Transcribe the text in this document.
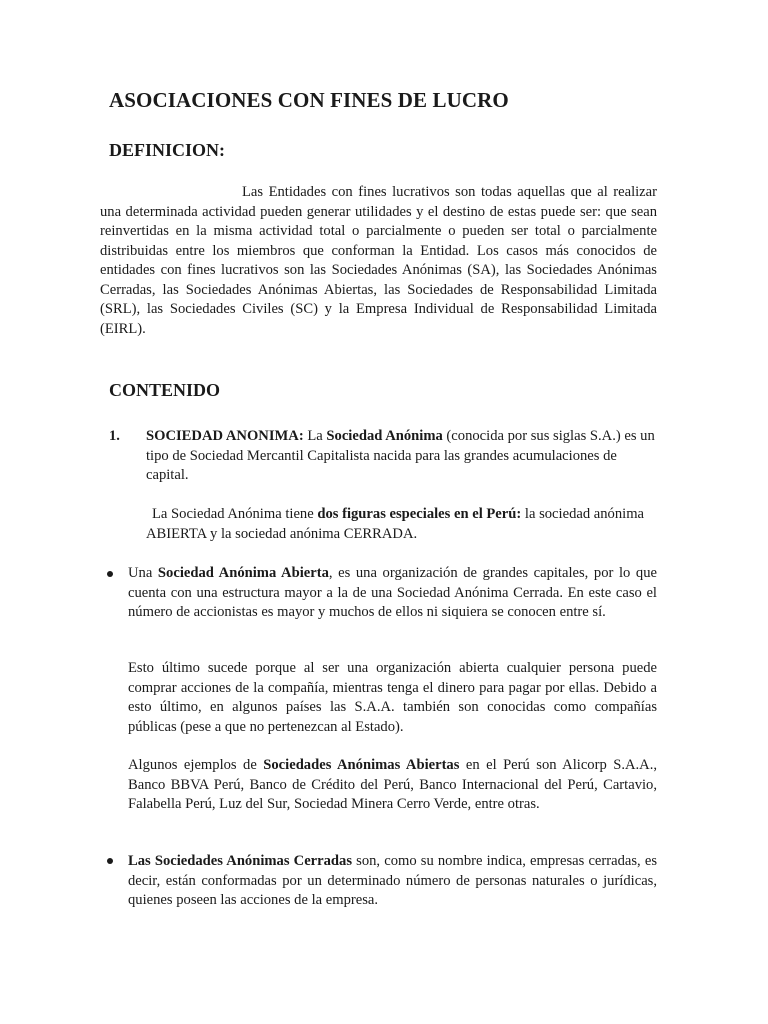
ASOCIACIONES CON FINES DE LUCRO
DEFINICION:

Las Entidades con fines lucrativos son todas aquellas que al realizar una determinada actividad pueden generar utilidades y el destino de estas puede ser: que sean reinvertidas en la misma actividad total o parcialmente o pueden ser total o parcialmente distribuidas entre los miembros que conforman la Entidad. Los casos más conocidos de entidades con fines lucrativos son las Sociedades Anónimas (SA), las Sociedades Anónimas Cerradas, las Sociedades Anónimas Abiertas, las Sociedades de Responsabilidad Limitada (SRL), las Sociedades Civiles (SC) y la Empresa Individual de Responsabilidad Limitada (EIRL).

CONTENIDO
1. SOCIEDAD ANONIMA: La Sociedad Anónima (conocida por sus siglas S.A.) es un tipo de Sociedad Mercantil Capitalista nacida para las grandes acumulaciones de capital.

La Sociedad Anónima tiene dos figuras especiales en el Perú: la sociedad anónima ABIERTA y la sociedad anónima CERRADA.

Una Sociedad Anónima Abierta, es una organización de grandes capitales, por lo que cuenta con una estructura mayor a la de una Sociedad Anónima Cerrada. En este caso el número de accionistas es mayor y muchos de ellos ni siquiera se conocen entre sí.

Esto último sucede porque al ser una organización abierta cualquier persona puede comprar acciones de la compañía, mientras tenga el dinero para pagar por ellas. Debido a esto último, en algunos países las S.A.A. también son conocidas como compañías públicas (pese a que no pertenezcan al Estado).

Algunos ejemplos de Sociedades Anónimas Abiertas en el Perú son Alicorp S.A.A., Banco BBVA Perú, Banco de Crédito del Perú, Banco Internacional del Perú, Cartavio, Falabella Perú, Luz del Sur, Sociedad Minera Cerro Verde, entre otras.

Las Sociedades Anónimas Cerradas son, como su nombre indica, empresas cerradas, es decir, están conformadas por un determinado número de personas naturales o jurídicas, quienes poseen las acciones de la empresa.
